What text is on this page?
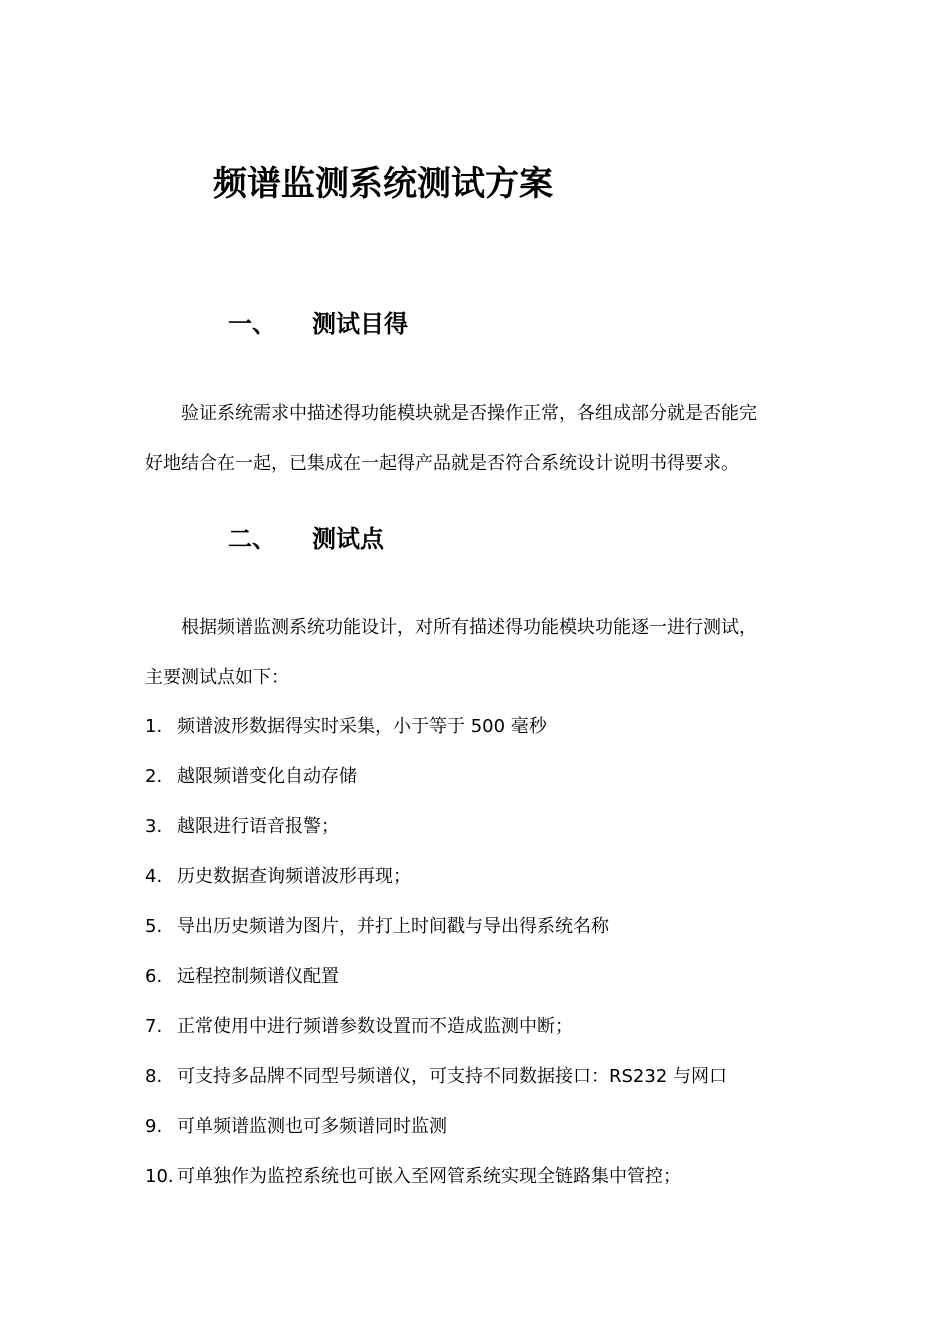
频谱监测系统测试方案
一、 测试目得
验证系统需求中描述得功能模块就是否操作正常，各组成部分就是否能完
好地结合在一起，已集成在一起得产品就是否符合系统设计说明书得要求。
二、 测试点
根据频谱监测系统功能设计，对所有描述得功能模块功能逐一进行测试，
主要测试点如下：
1. 频谱波形数据得实时采集，小于等于 500 毫秒
2. 越限频谱变化自动存储
3. 越限进行语音报警；
4. 历史数据查询频谱波形再现；
5. 导出历史频谱为图片，并打上时间戳与导出得系统名称
6. 远程控制频谱仪配置
7. 正常使用中进行频谱参数设置而不造成监测中断；
8. 可支持多品牌不同型号频谱仪，可支持不同数据接口：RS232 与网口
9. 可单频谱监测也可多频谱同时监测
10. 可单独作为监控系统也可嵌入至网管系统实现全链路集中管控；
